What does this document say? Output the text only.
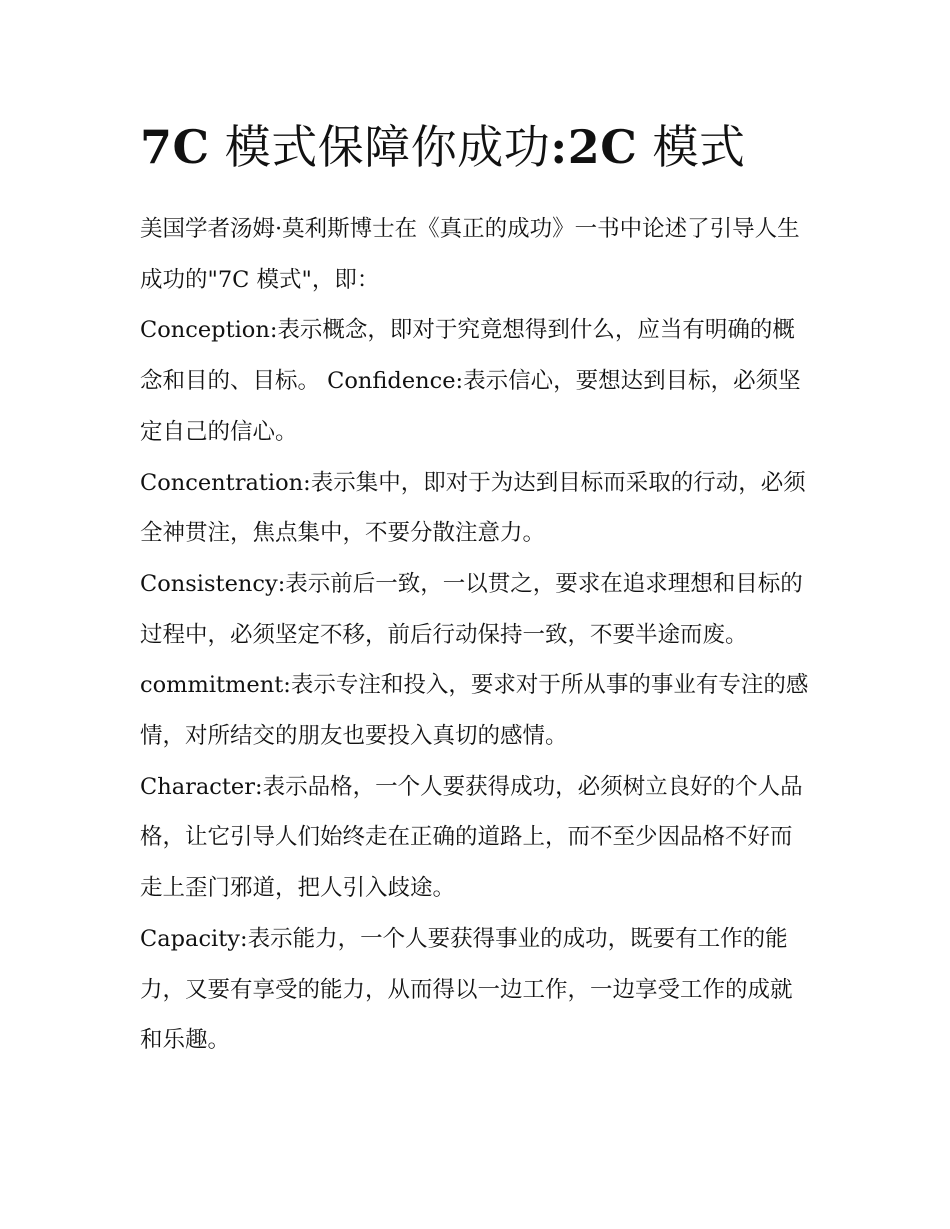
7C 模式保障你成功:2C 模式

美国学者汤姆·莫利斯博士在《真正的成功》一书中论述了引导人生成功的"7C 模式"，即：

Conception:表示概念，即对于究竟想得到什么，应当有明确的概念和目的、目标。 Confidence:表示信心，要想达到目标，必须坚定自己的信心。

Concentration:表示集中，即对于为达到目标而采取的行动，必须全神贯注，焦点集中，不要分散注意力。

Consistency:表示前后一致，一以贯之，要求在追求理想和目标的过程中，必须坚定不移，前后行动保持一致，不要半途而废。

commitment:表示专注和投入，要求对于所从事的事业有专注的感情，对所结交的朋友也要投入真切的感情。

Character:表示品格，一个人要获得成功，必须树立良好的个人品格，让它引导人们始终走在正确的道路上，而不至少因品格不好而走上歪门邪道，把人引入歧途。

Capacity:表示能力，一个人要获得事业的成功，既要有工作的能力，又要有享受的能力，从而得以一边工作，一边享受工作的成就和乐趣。
